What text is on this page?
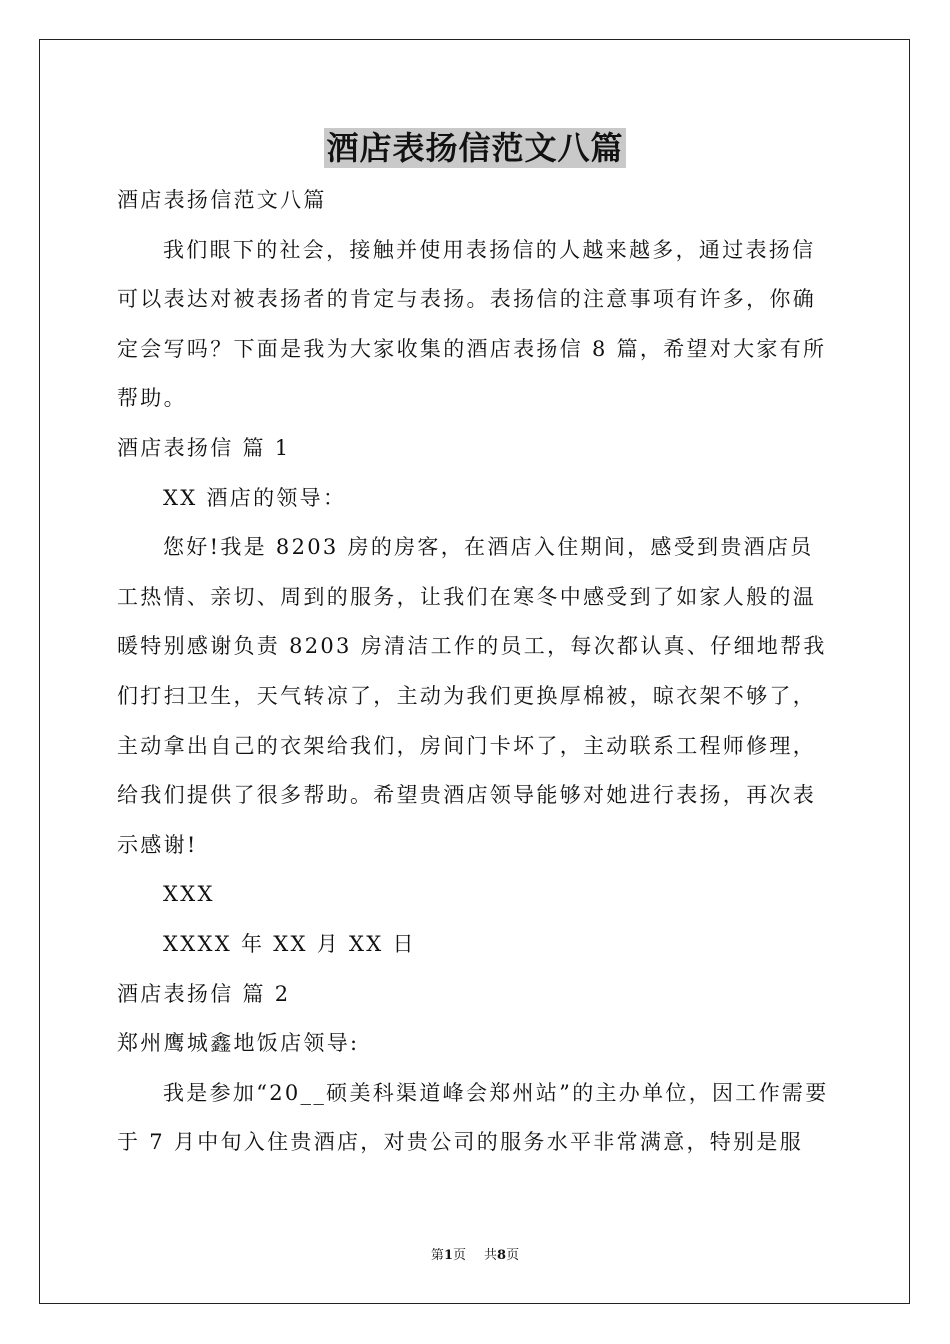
酒店表扬信范文八篇

酒店表扬信范文八篇

我们眼下的社会，接触并使用表扬信的人越来越多，通过表扬信可以表达对被表扬者的肯定与表扬。表扬信的注意事项有许多，你确定会写吗？下面是我为大家收集的酒店表扬信 8 篇，希望对大家有所帮助。

酒店表扬信 篇 1

XX 酒店的领导：

您好!我是 8203 房的房客，在酒店入住期间，感受到贵酒店员工热情、亲切、周到的服务，让我们在寒冬中感受到了如家人般的温暖特别感谢负责 8203 房清洁工作的员工，每次都认真、仔细地帮我们打扫卫生，天气转凉了，主动为我们更换厚棉被，晾衣架不够了，主动拿出自己的衣架给我们，房间门卡坏了，主动联系工程师修理，给我们提供了很多帮助。希望贵酒店领导能够对她进行表扬，再次表示感谢!

XXX

XXXX 年 XX 月 XX 日

酒店表扬信 篇 2

郑州鹰城鑫地饭店领导:

我是参加“20__硕美科渠道峰会郑州站”的主办单位，因工作需要于 7 月中旬入住贵酒店，对贵公司的服务水平非常满意，特别是服

第1页 共8页
